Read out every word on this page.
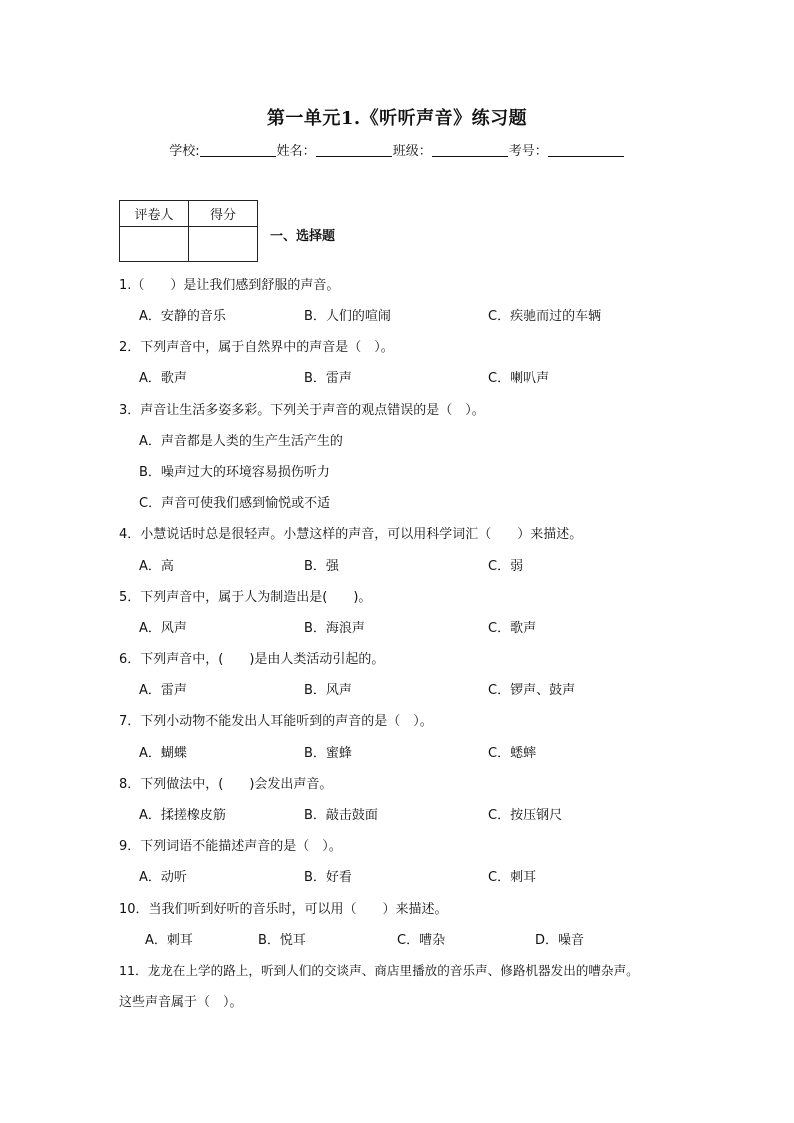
第一单元1.《听听声音》练习题
学校:	姓名：	班级：	考号：
评卷人	得分

一、选择题
1.（　　）是让我们感到舒服的声音。
A．安静的音乐	B．人们的喧闹	C．疾驰而过的车辆
2．下列声音中，属于自然界中的声音是（　）。
A．歌声	B．雷声	C．喇叭声
3．声音让生活多姿多彩。下列关于声音的观点错误的是（　）。
A．声音都是人类的生产生活产生的
B．噪声过大的环境容易损伤听力
C．声音可使我们感到愉悦或不适
4．小慧说话时总是很轻声。小慧这样的声音，可以用科学词汇（　　）来描述。
A．高	B．强	C．弱
5．下列声音中，属于人为制造出是(　　)。
A．风声	B．海浪声	C．歌声
6．下列声音中，(　　)是由人类活动引起的。
A．雷声	B．风声	C．锣声、鼓声
7．下列小动物不能发出人耳能听到的声音的是（　）。
A．蝴蝶	B．蜜蜂	C．蟋蟀
8．下列做法中，(　　)会发出声音。
A．揉搓橡皮筋	B．敲击鼓面	C．按压钢尺
9．下列词语不能描述声音的是（　）。
A．动听	B．好看	C．刺耳
10．当我们听到好听的音乐时，可以用（　　）来描述。
A．刺耳	B．悦耳	C．嘈杂	D．噪音
11．龙龙在上学的路上，听到人们的交谈声、商店里播放的音乐声、修路机器发出的嘈杂声。
这些声音属于（　）。
